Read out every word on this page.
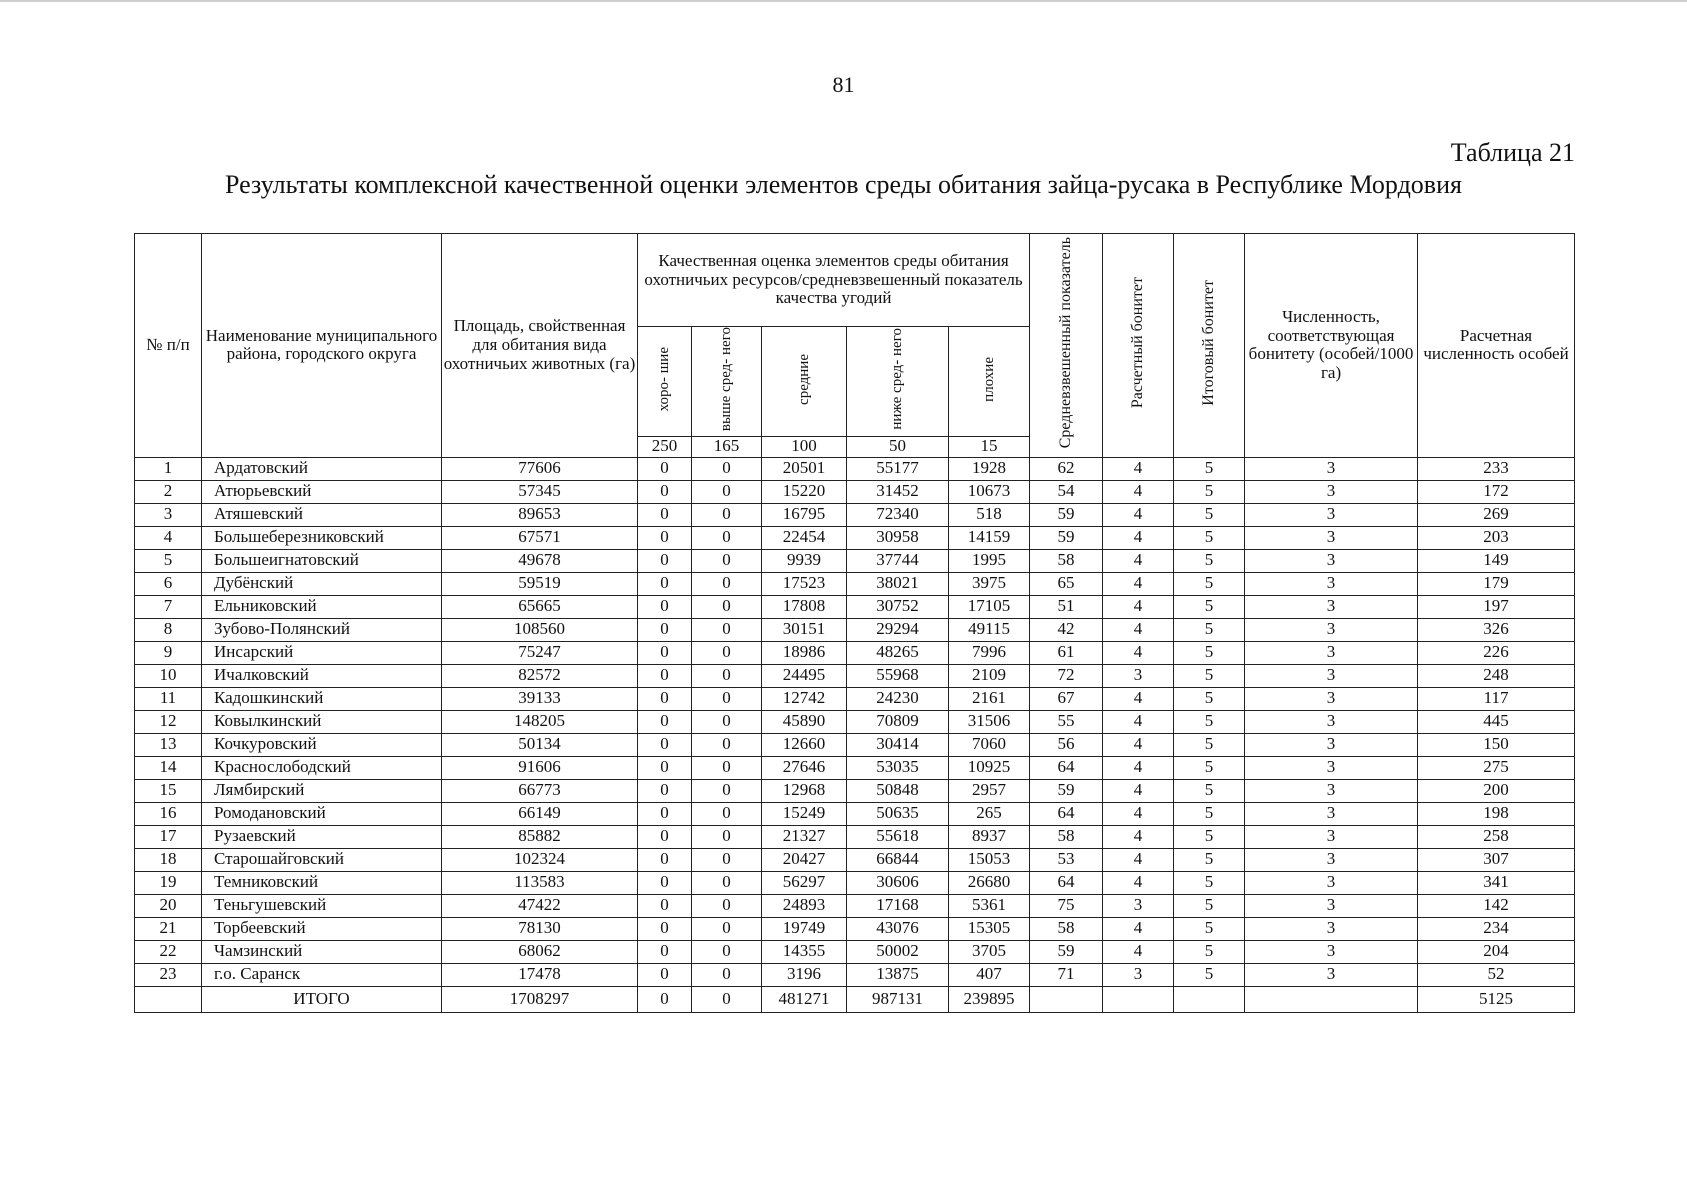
81
Таблица 21
Результаты комплексной качественной оценки элементов среды обитания зайца-русака в Республике Мордовия
№ п/п	Наименование муниципального района, городского округа	Площадь, свойственная для обитания вида охотничьих животных (га)	Качественная оценка элементов среды обитания охотничьих ресурсов/средневзвешенный показатель качества угодий					Средневзвешенный показатель	Расчетный бонитет	Итоговый бонитет	Численность, соответствующая бонитету (особей/1000 га)	Расчетная численность особей
			хоро- шие	выше сред- него	средние	ниже сред- него	плохие					
			250	165	100	50	15					
1	Ардатовский	77606	0	0	20501	55177	1928	62	4	5	3	233
2	Атюрьевский	57345	0	0	15220	31452	10673	54	4	5	3	172
3	Атяшевский	89653	0	0	16795	72340	518	59	4	5	3	269
4	Большеберезниковский	67571	0	0	22454	30958	14159	59	4	5	3	203
5	Большеигнатовский	49678	0	0	9939	37744	1995	58	4	5	3	149
6	Дубёнский	59519	0	0	17523	38021	3975	65	4	5	3	179
7	Ельниковский	65665	0	0	17808	30752	17105	51	4	5	3	197
8	Зубово-Полянский	108560	0	0	30151	29294	49115	42	4	5	3	326
9	Инсарский	75247	0	0	18986	48265	7996	61	4	5	3	226
10	Ичалковский	82572	0	0	24495	55968	2109	72	3	5	3	248
11	Кадошкинский	39133	0	0	12742	24230	2161	67	4	5	3	117
12	Ковылкинский	148205	0	0	45890	70809	31506	55	4	5	3	445
13	Кочкуровский	50134	0	0	12660	30414	7060	56	4	5	3	150
14	Краснослободский	91606	0	0	27646	53035	10925	64	4	5	3	275
15	Лямбирский	66773	0	0	12968	50848	2957	59	4	5	3	200
16	Ромодановский	66149	0	0	15249	50635	265	64	4	5	3	198
17	Рузаевский	85882	0	0	21327	55618	8937	58	4	5	3	258
18	Старошайговский	102324	0	0	20427	66844	15053	53	4	5	3	307
19	Темниковский	113583	0	0	56297	30606	26680	64	4	5	3	341
20	Теньгушевский	47422	0	0	24893	17168	5361	75	3	5	3	142
21	Торбеевский	78130	0	0	19749	43076	15305	58	4	5	3	234
22	Чамзинский	68062	0	0	14355	50002	3705	59	4	5	3	204
23	г.о. Саранск	17478	0	0	3196	13875	407	71	3	5	3	52
	ИТОГО	1708297	0	0	481271	987131	239895					5125
